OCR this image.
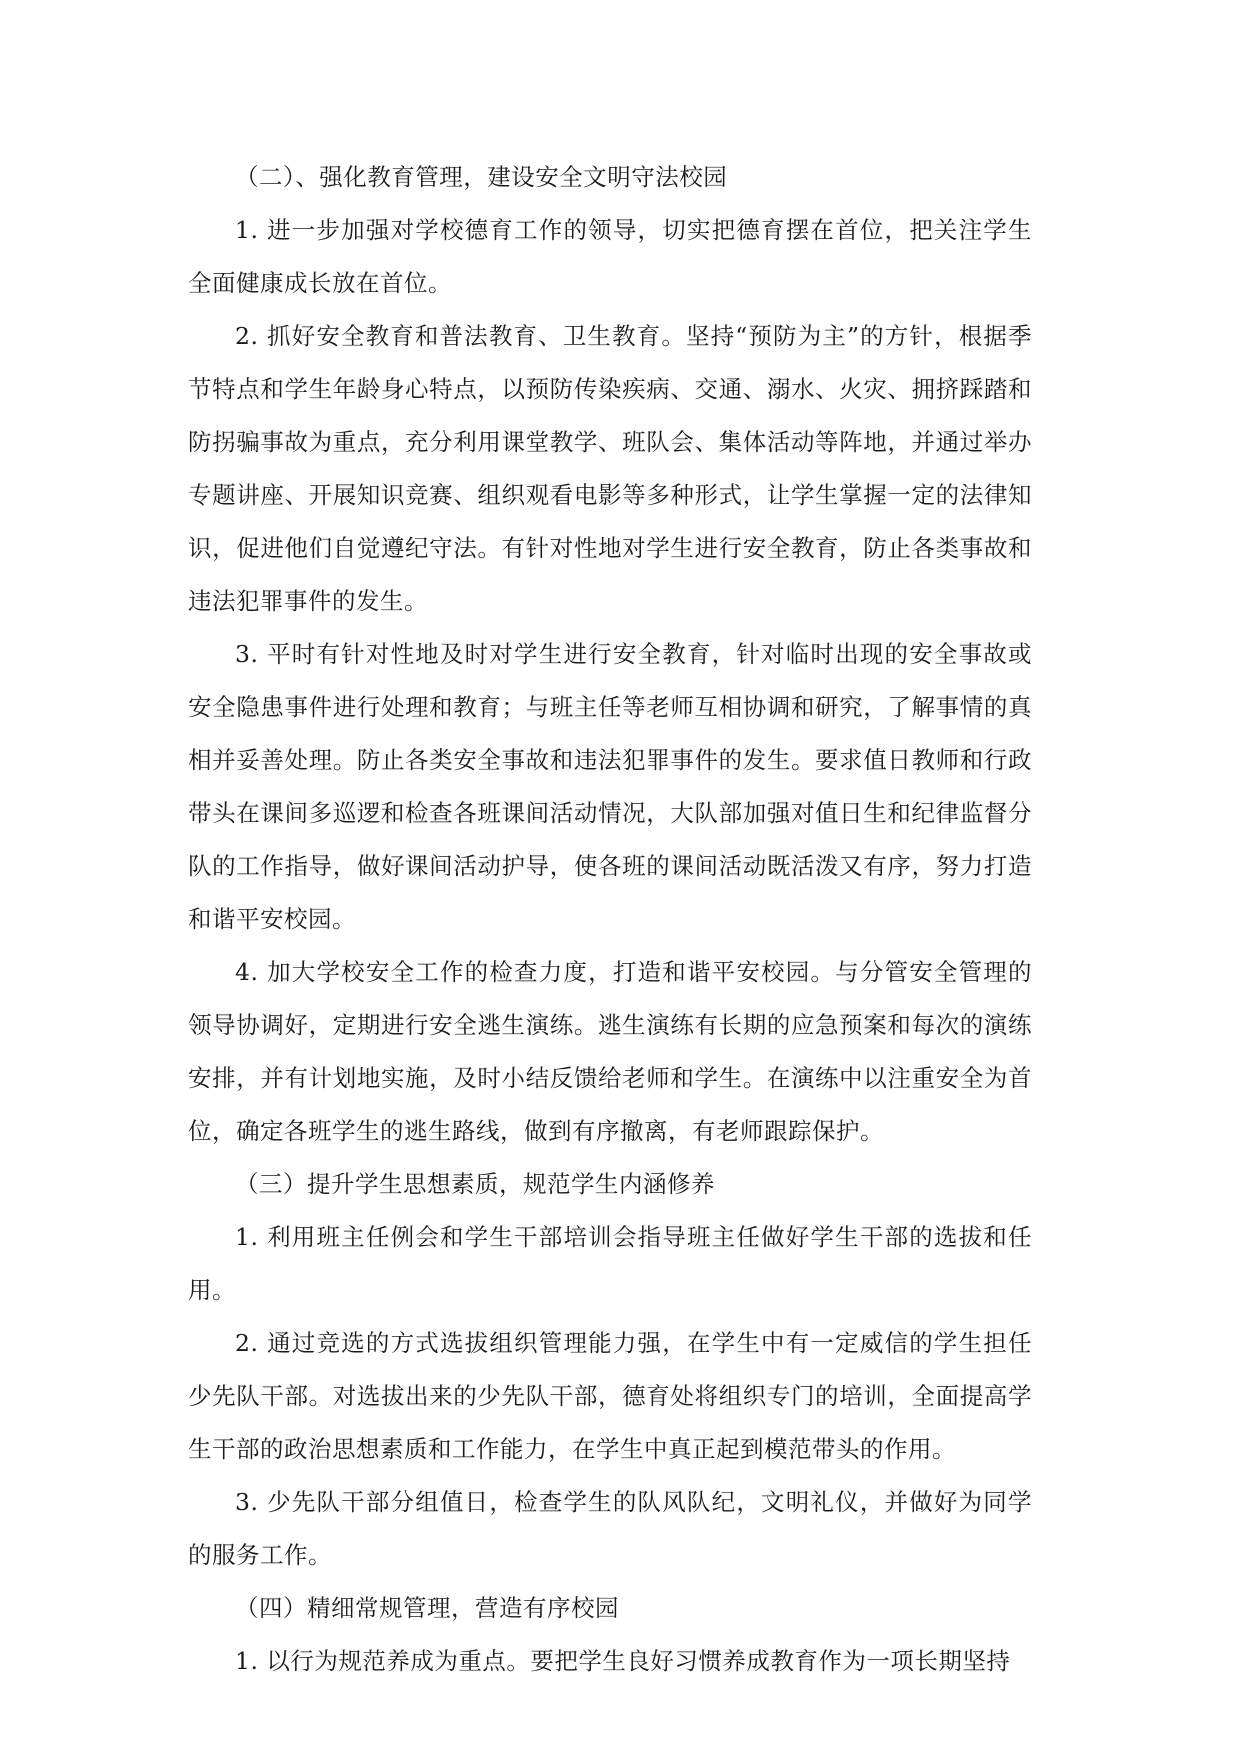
（二）、强化教育管理，建设安全文明守法校园

1. 进一步加强对学校德育工作的领导，切实把德育摆在首位，把关注学生全面健康成长放在首位。

2. 抓好安全教育和普法教育、卫生教育。坚持“预防为主”的方针，根据季节特点和学生年龄身心特点，以预防传染疾病、交通、溺水、火灾、拥挤踩踏和防拐骗事故为重点，充分利用课堂教学、班队会、集体活动等阵地，并通过举办专题讲座、开展知识竞赛、组织观看电影等多种形式，让学生掌握一定的法律知识，促进他们自觉遵纪守法。有针对性地对学生进行安全教育，防止各类事故和违法犯罪事件的发生。

3. 平时有针对性地及时对学生进行安全教育，针对临时出现的安全事故或安全隐患事件进行处理和教育；与班主任等老师互相协调和研究，了解事情的真相并妥善处理。防止各类安全事故和违法犯罪事件的发生。要求值日教师和行政带头在课间多巡逻和检查各班课间活动情况，大队部加强对值日生和纪律监督分队的工作指导，做好课间活动护导，使各班的课间活动既活泼又有序，努力打造和谐平安校园。

4. 加大学校安全工作的检查力度，打造和谐平安校园。与分管安全管理的领导协调好，定期进行安全逃生演练。逃生演练有长期的应急预案和每次的演练安排，并有计划地实施，及时小结反馈给老师和学生。在演练中以注重安全为首位，确定各班学生的逃生路线，做到有序撤离，有老师跟踪保护。

（三）提升学生思想素质，规范学生内涵修养

1. 利用班主任例会和学生干部培训会指导班主任做好学生干部的选拔和任用。

2. 通过竞选的方式选拔组织管理能力强，在学生中有一定威信的学生担任少先队干部。对选拔出来的少先队干部，德育处将组织专门的培训，全面提高学生干部的政治思想素质和工作能力，在学生中真正起到模范带头的作用。

3. 少先队干部分组值日，检查学生的队风队纪，文明礼仪，并做好为同学的服务工作。

（四）精细常规管理，营造有序校园

1. 以行为规范养成为重点。要把学生良好习惯养成教育作为一项长期坚持
